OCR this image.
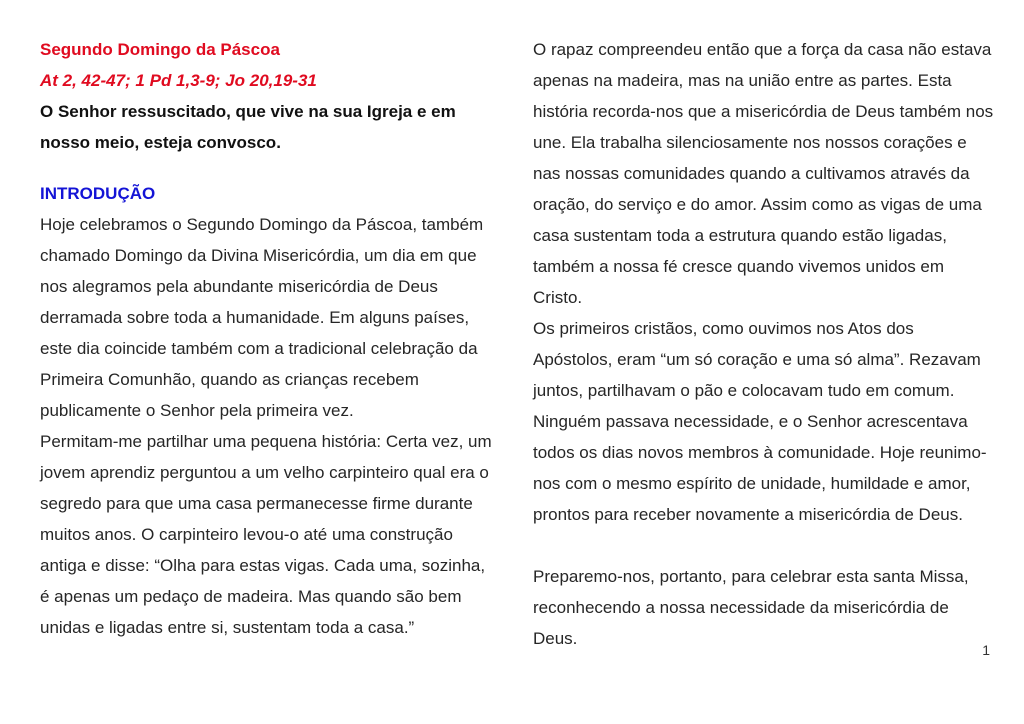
Segundo Domingo da Páscoa

At 2, 42-47; 1 Pd 1,3-9; Jo 20,19-31

O Senhor ressuscitado, que vive na sua Igreja e em nosso meio, esteja convosco.

INTRODUÇÃO

Hoje celebramos o Segundo Domingo da Páscoa, também chamado Domingo da Divina Misericórdia, um dia em que nos alegramos pela abundante misericórdia de Deus derramada sobre toda a humanidade. Em alguns países, este dia coincide também com a tradicional celebração da Primeira Comunhão, quando as crianças recebem publicamente o Senhor pela primeira vez.

Permitam-me partilhar uma pequena história: Certa vez, um jovem aprendiz perguntou a um velho carpinteiro qual era o segredo para que uma casa permanecesse firme durante muitos anos. O carpinteiro levou-o até uma construção antiga e disse: “Olha para estas vigas. Cada uma, sozinha, é apenas um pedaço de madeira. Mas quando são bem unidas e ligadas entre si, sustentam toda a casa.”

O rapaz compreendeu então que a força da casa não estava apenas na madeira, mas na união entre as partes. Esta história recorda-nos que a misericórdia de Deus também nos une. Ela trabalha silenciosamente nos nossos corações e nas nossas comunidades quando a cultivamos através da oração, do serviço e do amor. Assim como as vigas de uma casa sustentam toda a estrutura quando estão ligadas, também a nossa fé cresce quando vivemos unidos em Cristo.

Os primeiros cristãos, como ouvimos nos Atos dos Apóstolos, eram “um só coração e uma só alma”. Rezavam juntos, partilhavam o pão e colocavam tudo em comum. Ninguém passava necessidade, e o Senhor acrescentava todos os dias novos membros à comunidade. Hoje reunimo-nos com o mesmo espírito de unidade, humildade e amor, prontos para receber novamente a misericórdia de Deus.

Preparemo-nos, portanto, para celebrar esta santa Missa, reconhecendo a nossa necessidade da misericórdia de Deus.

1
